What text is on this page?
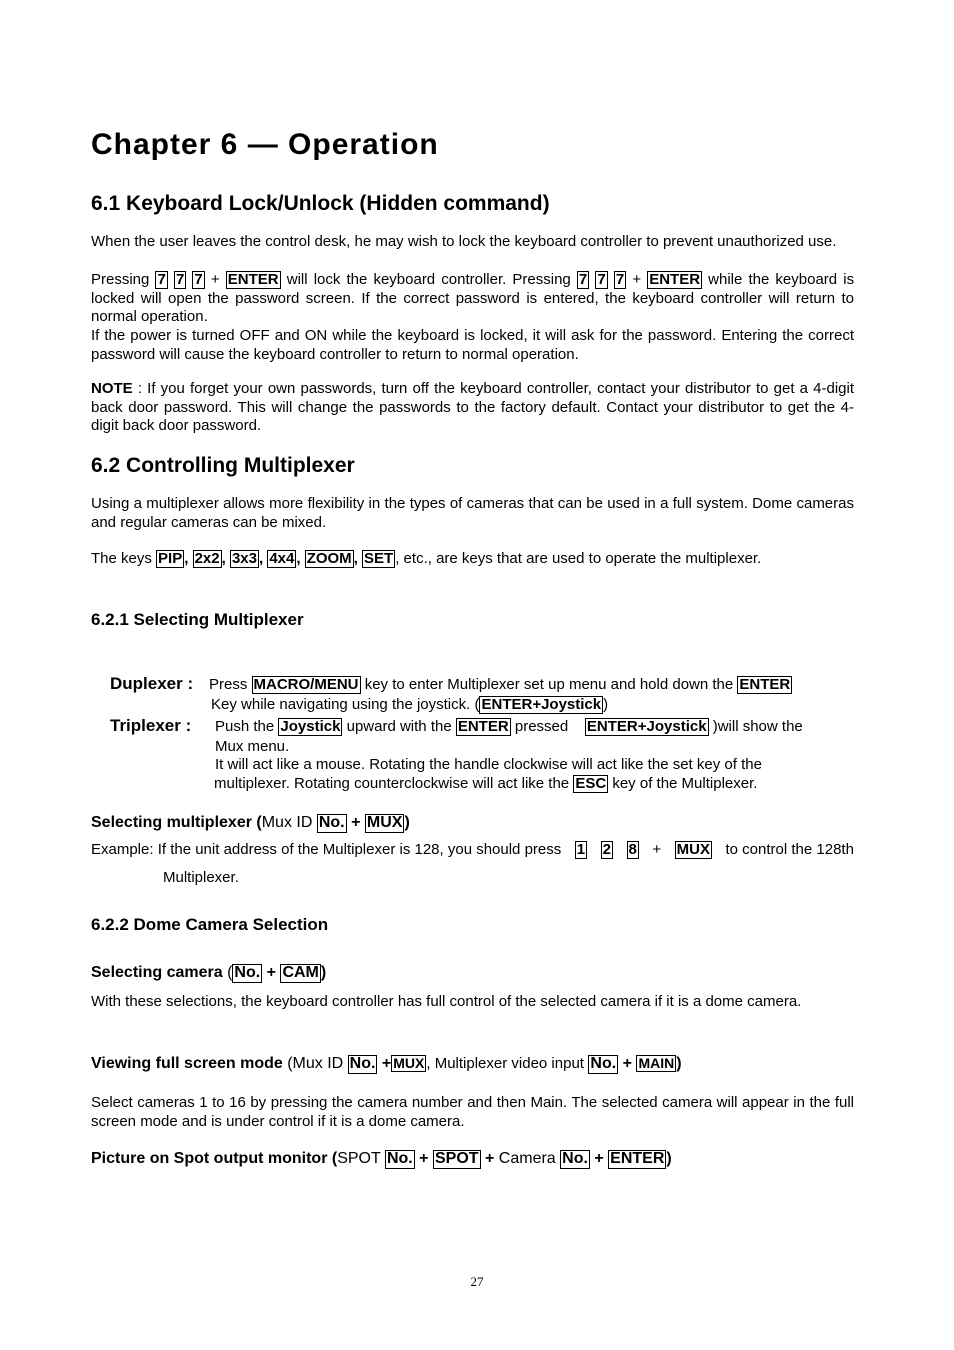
Chapter 6 — Operation
6.1 Keyboard Lock/Unlock (Hidden command)
When the user leaves the control desk, he may wish to lock the keyboard controller to prevent unauthorized use.
Pressing 7 7 7 + ENTER will lock the keyboard controller. Pressing 7 7 7 + ENTER while the keyboard is locked will open the password screen. If the correct password is entered, the keyboard controller will return to normal operation.
If the power is turned OFF and ON while the keyboard is locked, it will ask for the password. Entering the correct password will cause the keyboard controller to return to normal operation.
NOTE : If you forget your own passwords, turn off the keyboard controller, contact your distributor to get a 4-digit back door password. This will change the passwords to the factory default. Contact your distributor to get the 4-digit back door password.
6.2 Controlling Multiplexer
Using a multiplexer allows more flexibility in the types of cameras that can be used in a full system. Dome cameras and regular cameras can be mixed.
The keys PIP , 2x2 , 3x3 , 4x4 , ZOOM , SET , etc., are keys that are used to operate the multiplexer.
6.2.1 Selecting Multiplexer
Duplexer : Press MACRO/MENU key to enter Multiplexer set up menu and hold down the ENTER
Key while navigating using the joystick. ( ENTER+Joystick )
Triplexer : Push the Joystick upward with the ENTER pressed ENTER+Joystick )will show the
Mux menu.
It will act like a mouse. Rotating the handle clockwise will act like the set key of the
multiplexer. Rotating counterclockwise will act like the ESC key of the Multiplexer.
Selecting multiplexer (Mux ID No. + MUX )
Example: If the unit address of the Multiplexer is 128, you should press 1 2 8 + MUX to control the 128th
Multiplexer.
6.2.2 Dome Camera Selection
Selecting camera ( No. + CAM )
With these selections, the keyboard controller has full control of the selected camera if it is a dome camera.
Viewing full screen mode (Mux ID No. + MUX , Multiplexer video input No. + MAIN )
Select cameras 1 to 16 by pressing the camera number and then Main. The selected camera will appear in the full screen mode and is under control if it is a dome camera.
Picture on Spot output monitor (SPOT No. + SPOT + Camera No. + ENTER )
27
